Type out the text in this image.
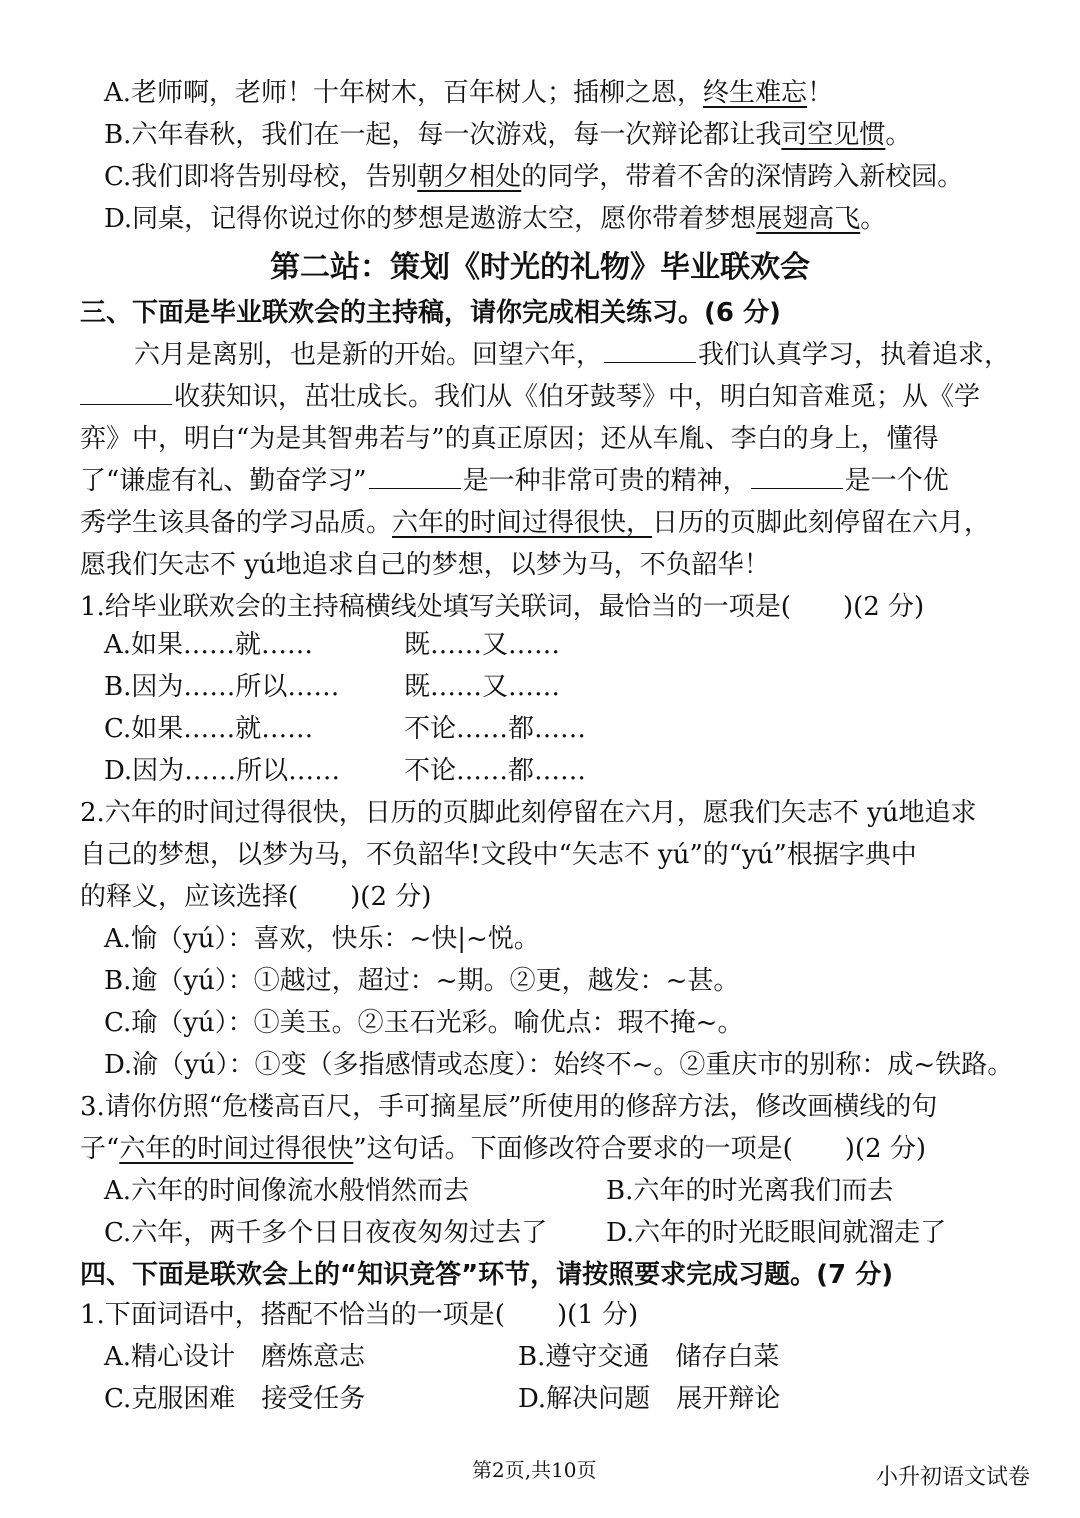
A.老师啊，老师！十年树木，百年树人；插柳之恩，终生难忘！
B.六年春秋，我们在一起，每一次游戏，每一次辩论都让我司空见惯。
C.我们即将告别母校，告别朝夕相处的同学，带着不舍的深情跨入新校园。
D.同桌，记得你说过你的梦想是遨游太空，愿你带着梦想展翅高飞。
第二站：策划《时光的礼物》毕业联欢会
三、下面是毕业联欢会的主持稿，请你完成相关练习。(6 分)
六月是离别，也是新的开始。回望六年，	我们认真学习，执着追求，
收获知识，茁壮成长。我们从《伯牙鼓琴》中，明白知音难觅；从《学
弈》中，明白“为是其智弗若与”的真正原因；还从车胤、李白的身上，懂得
了“谦虚有礼、勤奋学习”	是一种非常可贵的精神，	是一个优
秀学生该具备的学习品质。六年的时间过得很快，日历的页脚此刻停留在六月，
愿我们矢志不 yú地追求自己的梦想，以梦为马，不负韶华！
1.给毕业联欢会的主持稿横线处填写关联词，最恰当的一项是( )(2 分)
A.如果……就……	既……又……
B.因为……所以…… 既……又……
C.如果……就……	不论……都……
D.因为……所以…… 不论……都……
2.六年的时间过得很快，日历的页脚此刻停留在六月，愿我们矢志不 yú地追求
自己的梦想，以梦为马，不负韶华!文段中“矢志不 yú”的“yú”根据字典中
的释义，应该选择( )(2 分)
A.愉（yú）：喜欢，快乐：~快|~悦。
B.逾（yú）：①越过，超过：~期。②更，越发：~甚。
C.瑜（yú）：①美玉。②玉石光彩。喻优点：瑕不掩~。
D.渝（yú）：①变（多指感情或态度）：始终不~。②重庆市的别称：成~铁路。
3.请你仿照“危楼高百尺，手可摘星辰”所使用的修辞方法，修改画横线的句
子“六年的时间过得很快”这句话。下面修改符合要求的一项是( )(2 分)
A.六年的时间像流水般悄然而去	B.六年的时光离我们而去
C.六年，两千多个日日夜夜匆匆过去了 D.六年的时光眨眼间就溜走了
四、下面是联欢会上的“知识竞答”环节，请按照要求完成习题。(7 分)
1.下面词语中，搭配不恰当的一项是( )(1 分)
A.精心设计 磨炼意志	B.遵守交通 储存白菜
C.克服困难 接受任务	D.解决问题 展开辩论
第2页,共10页	小升初语文试卷
